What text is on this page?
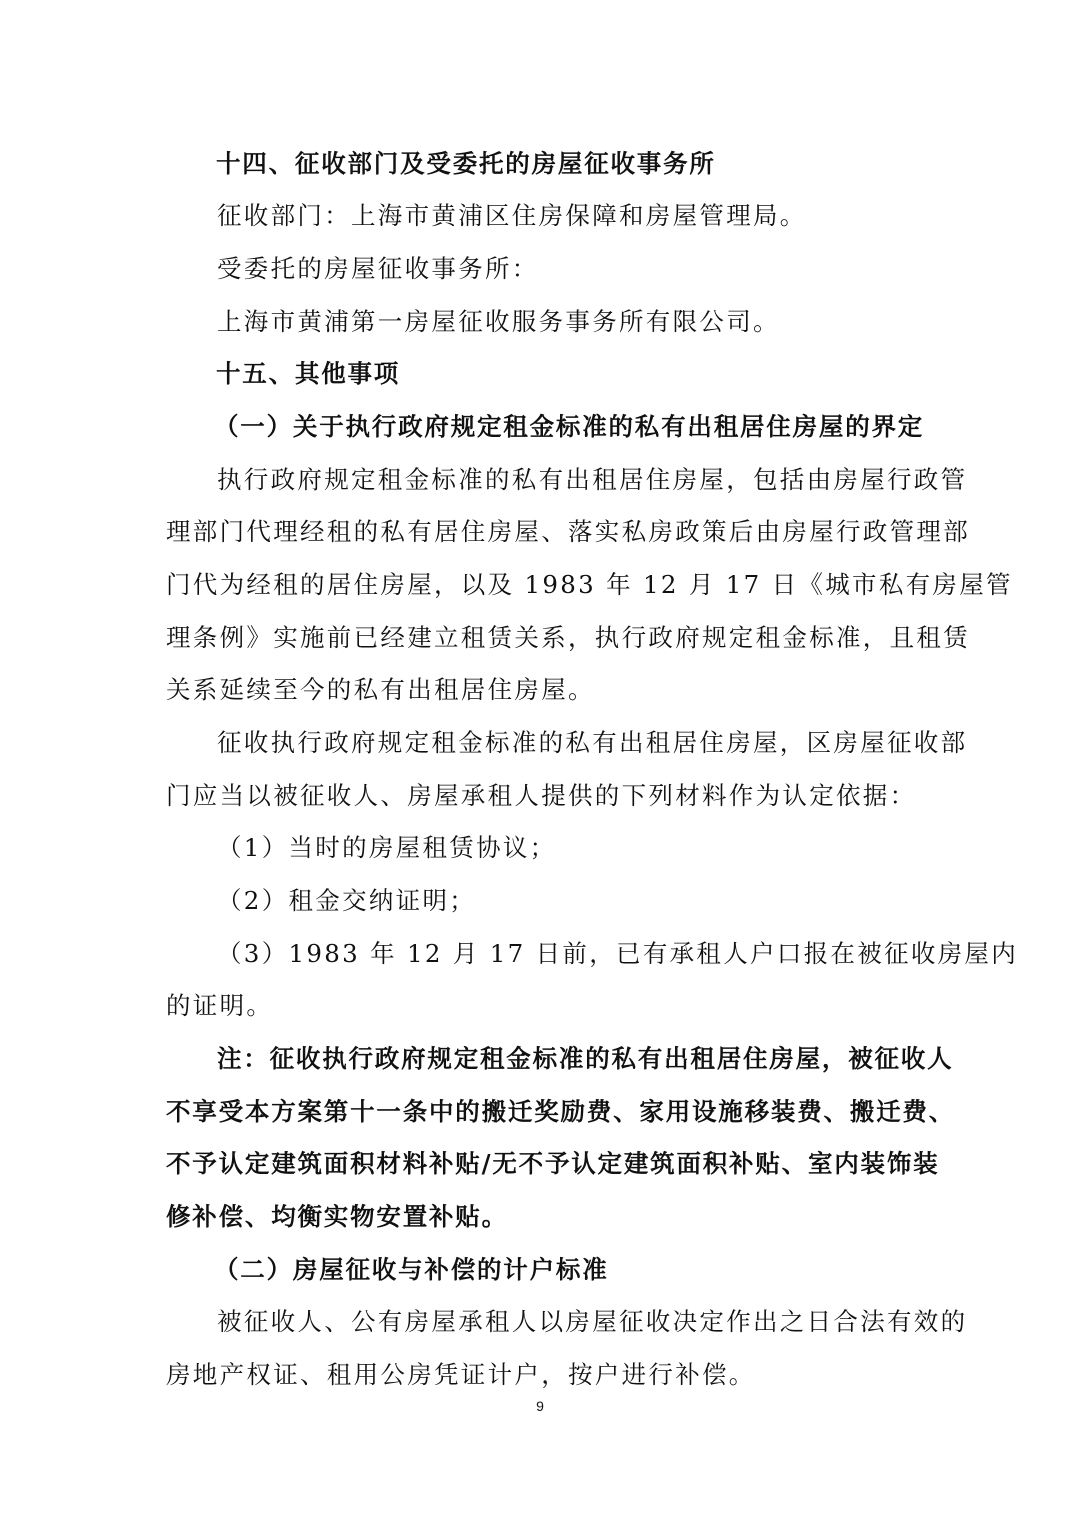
十四、征收部门及受委托的房屋征收事务所
征收部门：上海市黄浦区住房保障和房屋管理局。
受委托的房屋征收事务所：
上海市黄浦第一房屋征收服务事务所有限公司。
十五、其他事项
（一）关于执行政府规定租金标准的私有出租居住房屋的界定
执行政府规定租金标准的私有出租居住房屋，包括由房屋行政管
理部门代理经租的私有居住房屋、落实私房政策后由房屋行政管理部
门代为经租的居住房屋，以及 1983 年 12 月 17 日《城市私有房屋管
理条例》实施前已经建立租赁关系，执行政府规定租金标准，且租赁
关系延续至今的私有出租居住房屋。
征收执行政府规定租金标准的私有出租居住房屋，区房屋征收部
门应当以被征收人、房屋承租人提供的下列材料作为认定依据：
（1）当时的房屋租赁协议；
（2）租金交纳证明；
（3）1983 年 12 月 17 日前，已有承租人户口报在被征收房屋内
的证明。
注：征收执行政府规定租金标准的私有出租居住房屋，被征收人
不享受本方案第十一条中的搬迁奖励费、家用设施移装费、搬迁费、
不予认定建筑面积材料补贴/无不予认定建筑面积补贴、室内装饰装
修补偿、均衡实物安置补贴。
（二）房屋征收与补偿的计户标准
被征收人、公有房屋承租人以房屋征收决定作出之日合法有效的
房地产权证、租用公房凭证计户，按户进行补偿。
9
